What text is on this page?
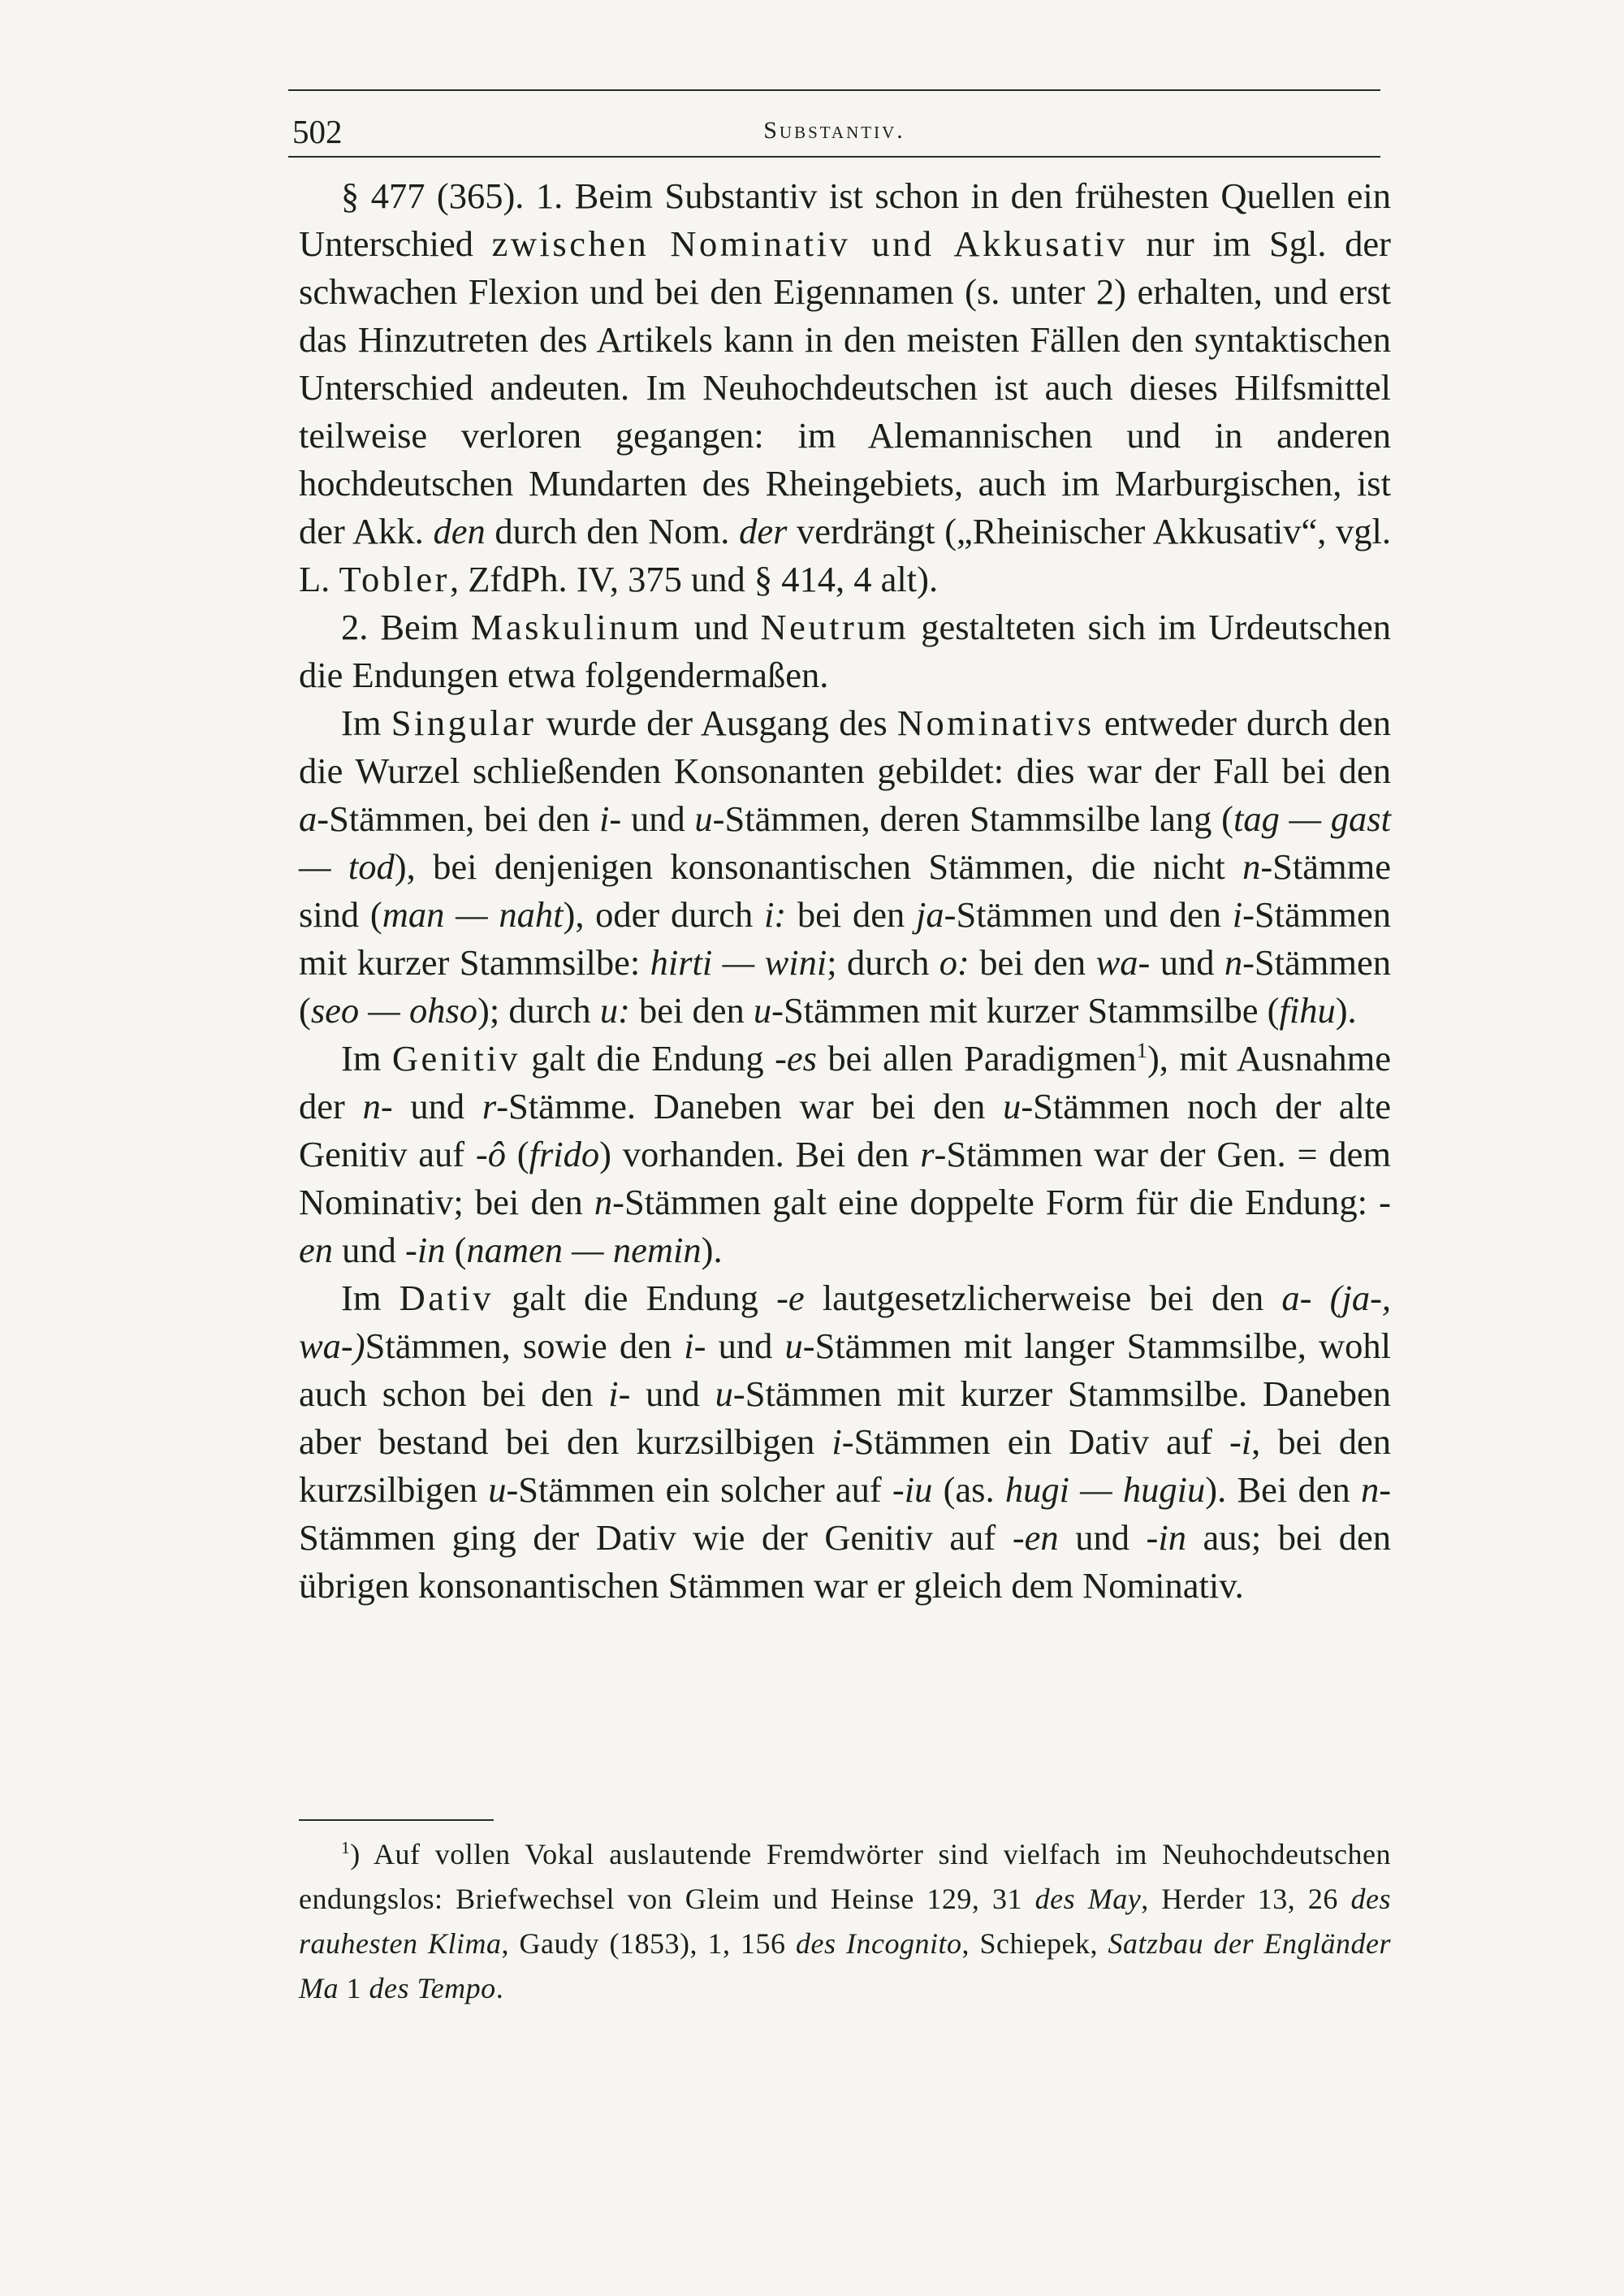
502	Substantiv.

§ 477 (365). 1. Beim Substantiv ist schon in den frühesten Quellen ein Unterschied zwischen Nominativ und Akkusativ nur im Sgl. der schwachen Flexion und bei den Eigennamen (s. unter 2) erhalten, und erst das Hinzutreten des Artikels kann in den meisten Fällen den syntaktischen Unterschied andeuten. Im Neuhochdeutschen ist auch dieses Hilfsmittel teilweise verloren gegangen: im Alemannischen und in anderen hochdeutschen Mundarten des Rheingebiets, auch im Marburgischen, ist der Akk. den durch den Nom. der verdrängt („Rheinischer Akkusativ“, vgl. L. Tobler, ZfdPh. IV, 375 und § 414, 4 alt).

2. Beim Maskulinum und Neutrum gestalteten sich im Urdeutschen die Endungen etwa folgendermaßen.

Im Singular wurde der Ausgang des Nominativs entweder durch den die Wurzel schließenden Konsonanten gebildet: dies war der Fall bei den a-Stämmen, bei den i- und u-Stämmen, deren Stammsilbe lang (tag — gast — tod), bei denjenigen konsonantischen Stämmen, die nicht n-Stämme sind (man — naht), oder durch i: bei den ja-Stämmen und den i-Stämmen mit kurzer Stammsilbe: hirti — wini; durch o: bei den wa- und n-Stämmen (seo — ohso); durch u: bei den u-Stämmen mit kurzer Stammsilbe (fihu).

Im Genitiv galt die Endung -es bei allen Paradigmen$^1$), mit Ausnahme der n- und r-Stämme. Daneben war bei den u-Stämmen noch der alte Genitiv auf -ô (frido) vorhanden. Bei den r-Stämmen war der Gen. = dem Nominativ; bei den n-Stämmen galt eine doppelte Form für die Endung: -en und -in (namen — nemin).

Im Dativ galt die Endung -e lautgesetzlicherweise bei den a- (ja-, wa-)Stämmen, sowie den i- und u-Stämmen mit langer Stammsilbe, wohl auch schon bei den i- und u-Stämmen mit kurzer Stammsilbe. Daneben aber bestand bei den kurzsilbigen i-Stämmen ein Dativ auf -i, bei den kurzsilbigen u-Stämmen ein solcher auf -iu (as. hugi — hugiu). Bei den n-Stämmen ging der Dativ wie der Genitiv auf -en und -in aus; bei den übrigen konsonantischen Stämmen war er gleich dem Nominativ.

$^1$) Auf vollen Vokal auslautende Fremdwörter sind vielfach im Neuhochdeutschen endungslos: Briefwechsel von Gleim und Heinse 129, 31 des May, Herder 13, 26 des rauhesten Klima, Gaudy (1853), 1, 156 des Incognito, Schiepek, Satzbau der Engländer Ma 1 des Tempo.
